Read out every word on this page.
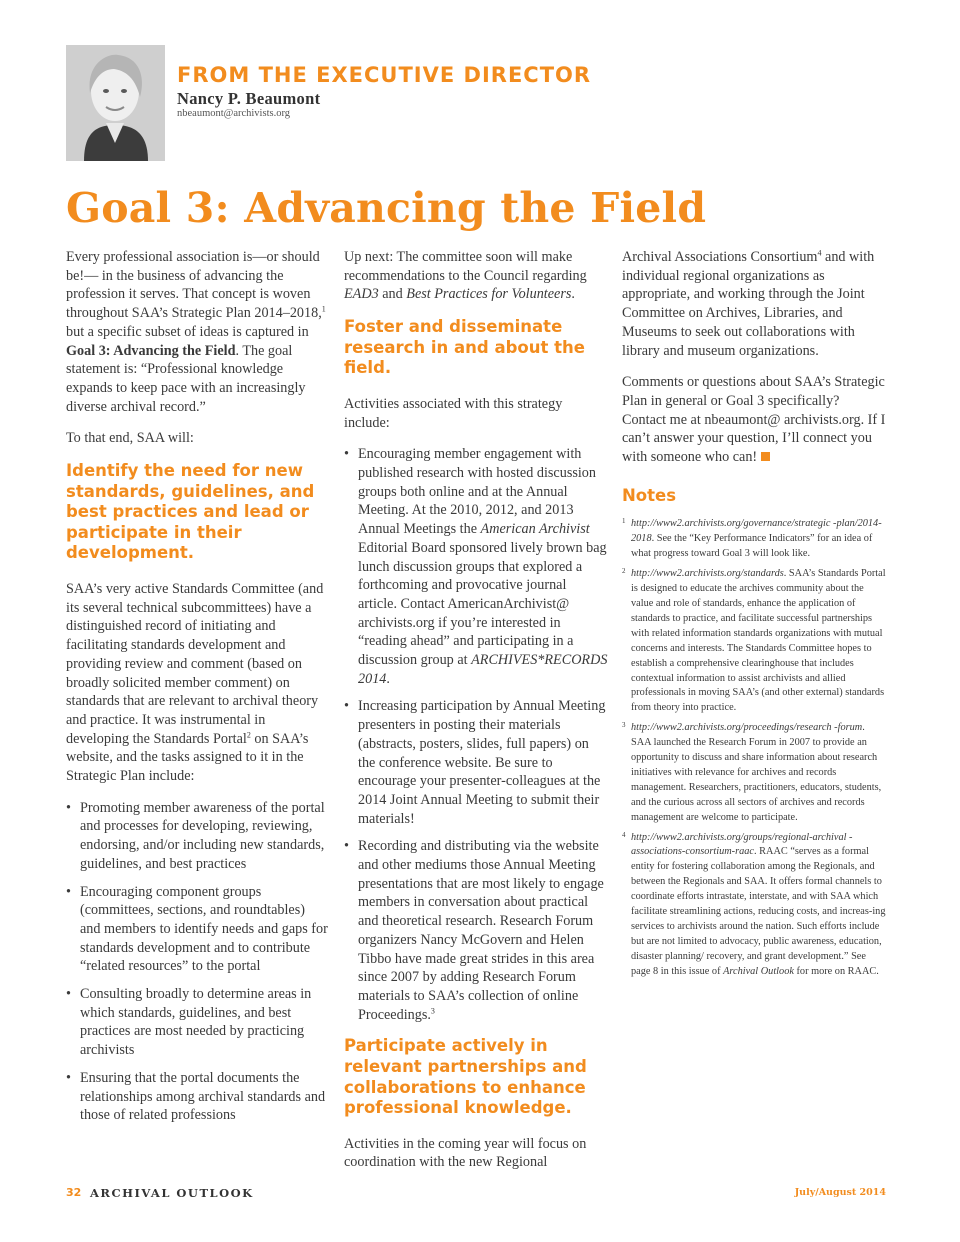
FROM THE EXECUTIVE DIRECTOR
Nancy P. Beaumont
nbeaumont@archivists.org
Goal 3: Advancing the Field

Every professional association is—or should be!— in the business of advancing the profession it serves. That concept is woven throughout SAA’s Strategic Plan 2014–2018,$^1$ but a specific subset of ideas is captured in Goal 3: Advancing the Field. The goal statement is: “Professional knowledge expands to keep pace with an increasingly diverse archival record.”

To that end, SAA will:

Identify the need for new standards, guidelines, and best practices and lead or participate in their development.

SAA’s very active Standards Committee (and its several technical subcommittees) have a distinguished record of initiating and facilitating standards development and providing review and comment (based on broadly solicited member comment) on standards that are relevant to archival theory and practice. It was instrumental in developing the Standards Portal$^2$ on SAA’s website, and the tasks assigned to it in the Strategic Plan include:

• Promoting member awareness of the portal and processes for developing, reviewing, endorsing, and/or including new standards, guidelines, and best practices
• Encouraging component groups (committees, sections, and roundtables) and members to identify needs and gaps for standards development and to contribute “related resources” to the portal
• Consulting broadly to determine areas in which standards, guidelines, and best practices are most needed by practicing archivists
• Ensuring that the portal documents the relationships among archival standards and those of related professions

Up next: The committee soon will make recommendations to the Council regarding EAD3 and Best Practices for Volunteers.

Foster and disseminate research in and about the field.

Activities associated with this strategy include:

• Encouraging member engagement with published research with hosted discussion groups both online and at the Annual Meeting. At the 2010, 2012, and 2013 Annual Meetings the American Archivist Editorial Board sponsored lively brown bag lunch discussion groups that explored a forthcoming and provocative journal article. Contact AmericanArchivist@ archivists.org if you’re interested in “reading ahead” and participating in a discussion group at ARCHIVES*RECORDS 2014.
• Increasing participation by Annual Meeting presenters in posting their materials (abstracts, posters, slides, full papers) on the conference website. Be sure to encourage your presenter-colleagues at the 2014 Joint Annual Meeting to submit their materials!
• Recording and distributing via the website and other mediums those Annual Meeting presentations that are most likely to engage members in conversation about practical and theoretical research. Research Forum organizers Nancy McGovern and Helen Tibbo have made great strides in this area since 2007 by adding Research Forum materials to SAA’s collection of online Proceedings.$^3$
Participate actively in relevant partnerships and collaborations to enhance professional knowledge.

Activities in the coming year will focus on coordination with the new Regional

Archival Associations Consortium$^4$ and with individual regional organizations as appropriate, and working through the Joint Committee on Archives, Libraries, and Museums to seek out collaborations with library and museum organizations.

Comments or questions about SAA’s Strategic Plan in general or Goal 3 specifically? Contact me at nbeaumont@ archivists.org. If I can’t answer your question, I’ll connect you with someone who can!

Notes
1 http://www2.archivists.org/governance/strategic -plan/2014-2018. See the “Key Performance Indicators” for an idea of what progress toward Goal 3 will look like.
2 http://www2.archivists.org/standards. SAA’s Standards Portal is designed to educate the archives community about the value and role of standards, enhance the application of standards to practice, and facilitate successful partnerships with related information standards organizations with mutual concerns and interests. The Standards Committee hopes to establish a comprehensive clearinghouse that includes contextual information to assist archivists and allied professionals in moving SAA’s (and other external) standards from theory into practice.
3 http://www2.archivists.org/proceedings/research -forum. SAA launched the Research Forum in 2007 to provide an opportunity to discuss and share information about research initiatives with relevance for archives and records management. Researchers, practitioners, educators, students, and the curious across all sectors of archives and records management are welcome to participate.
4 http://www2.archivists.org/groups/regional-archival -associations-consortium-raac. RAAC “serves as a formal entity for fostering collaboration among the Regionals, and between the Regionals and SAA. It offers formal channels to coordinate efforts intrastate, interstate, and with SAA which facilitate streamlining actions, reducing costs, and increas-ing services to archivists around the nation. Such efforts include but are not limited to advocacy, public awareness, education, disaster planning/ recovery, and grant development.” See page 8 in this issue of Archival Outlook for more on RAAC.
32 ARCHIVAL OUTLOOK	July/August 2014
